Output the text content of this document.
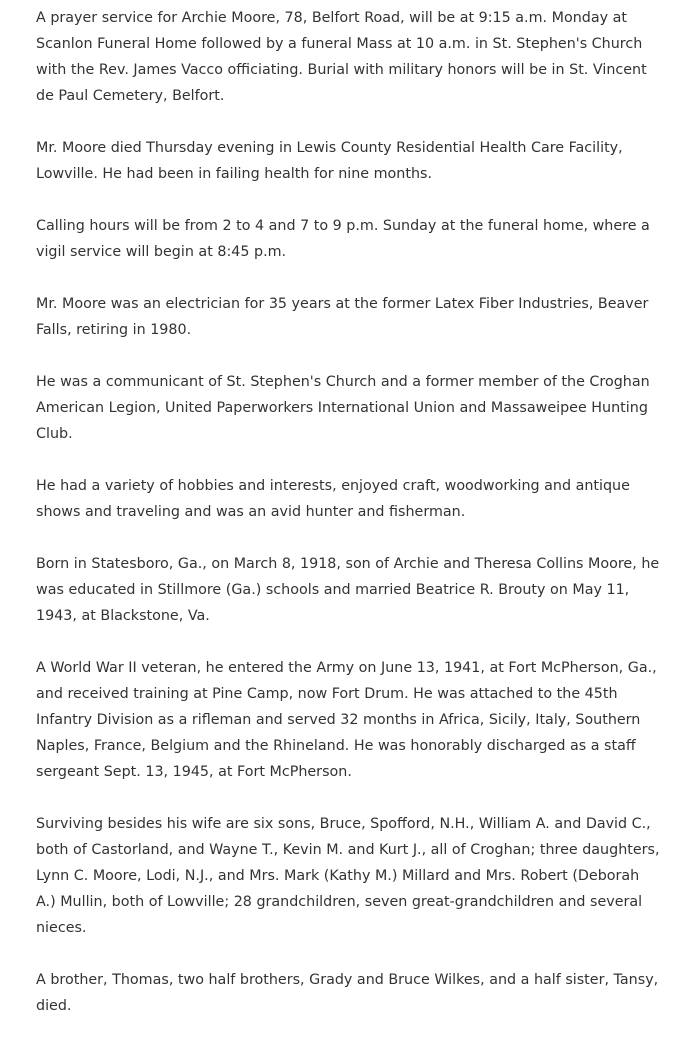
A prayer service for Archie Moore, 78, Belfort Road, will be at 9:15 a.m. Monday at Scanlon Funeral Home followed by a funeral Mass at 10 a.m. in St. Stephen's Church with the Rev. James Vacco officiating. Burial with military honors will be in St. Vincent de Paul Cemetery, Belfort.

Mr. Moore died Thursday evening in Lewis County Residential Health Care Facility, Lowville. He had been in failing health for nine months.

Calling hours will be from 2 to 4 and 7 to 9 p.m. Sunday at the funeral home, where a vigil service will begin at 8:45 p.m.

Mr. Moore was an electrician for 35 years at the former Latex Fiber Industries, Beaver Falls, retiring in 1980.

He was a communicant of St. Stephen's Church and a former member of the Croghan American Legion, United Paperworkers International Union and Massaweipee Hunting Club.

He had a variety of hobbies and interests, enjoyed craft, woodworking and antique shows and traveling and was an avid hunter and fisherman.

Born in Statesboro, Ga., on March 8, 1918, son of Archie and Theresa Collins Moore, he was educated in Stillmore (Ga.) schools and married Beatrice R. Brouty on May 11, 1943, at Blackstone, Va.

A World War II veteran, he entered the Army on June 13, 1941, at Fort McPherson, Ga., and received training at Pine Camp, now Fort Drum. He was attached to the 45th Infantry Division as a rifleman and served 32 months in Africa, Sicily, Italy, Southern Naples, France, Belgium and the Rhineland. He was honorably discharged as a staff sergeant Sept. 13, 1945, at Fort McPherson.

Surviving besides his wife are six sons, Bruce, Spofford, N.H., William A. and David C., both of Castorland, and Wayne T., Kevin M. and Kurt J., all of Croghan; three daughters, Lynn C. Moore, Lodi, N.J., and Mrs. Mark (Kathy M.) Millard and Mrs. Robert (Deborah A.) Mullin, both of Lowville; 28 grandchildren, seven great-grandchildren and several nieces.

A brother, Thomas, two half brothers, Grady and Bruce Wilkes, and a half sister, Tansy, died.
